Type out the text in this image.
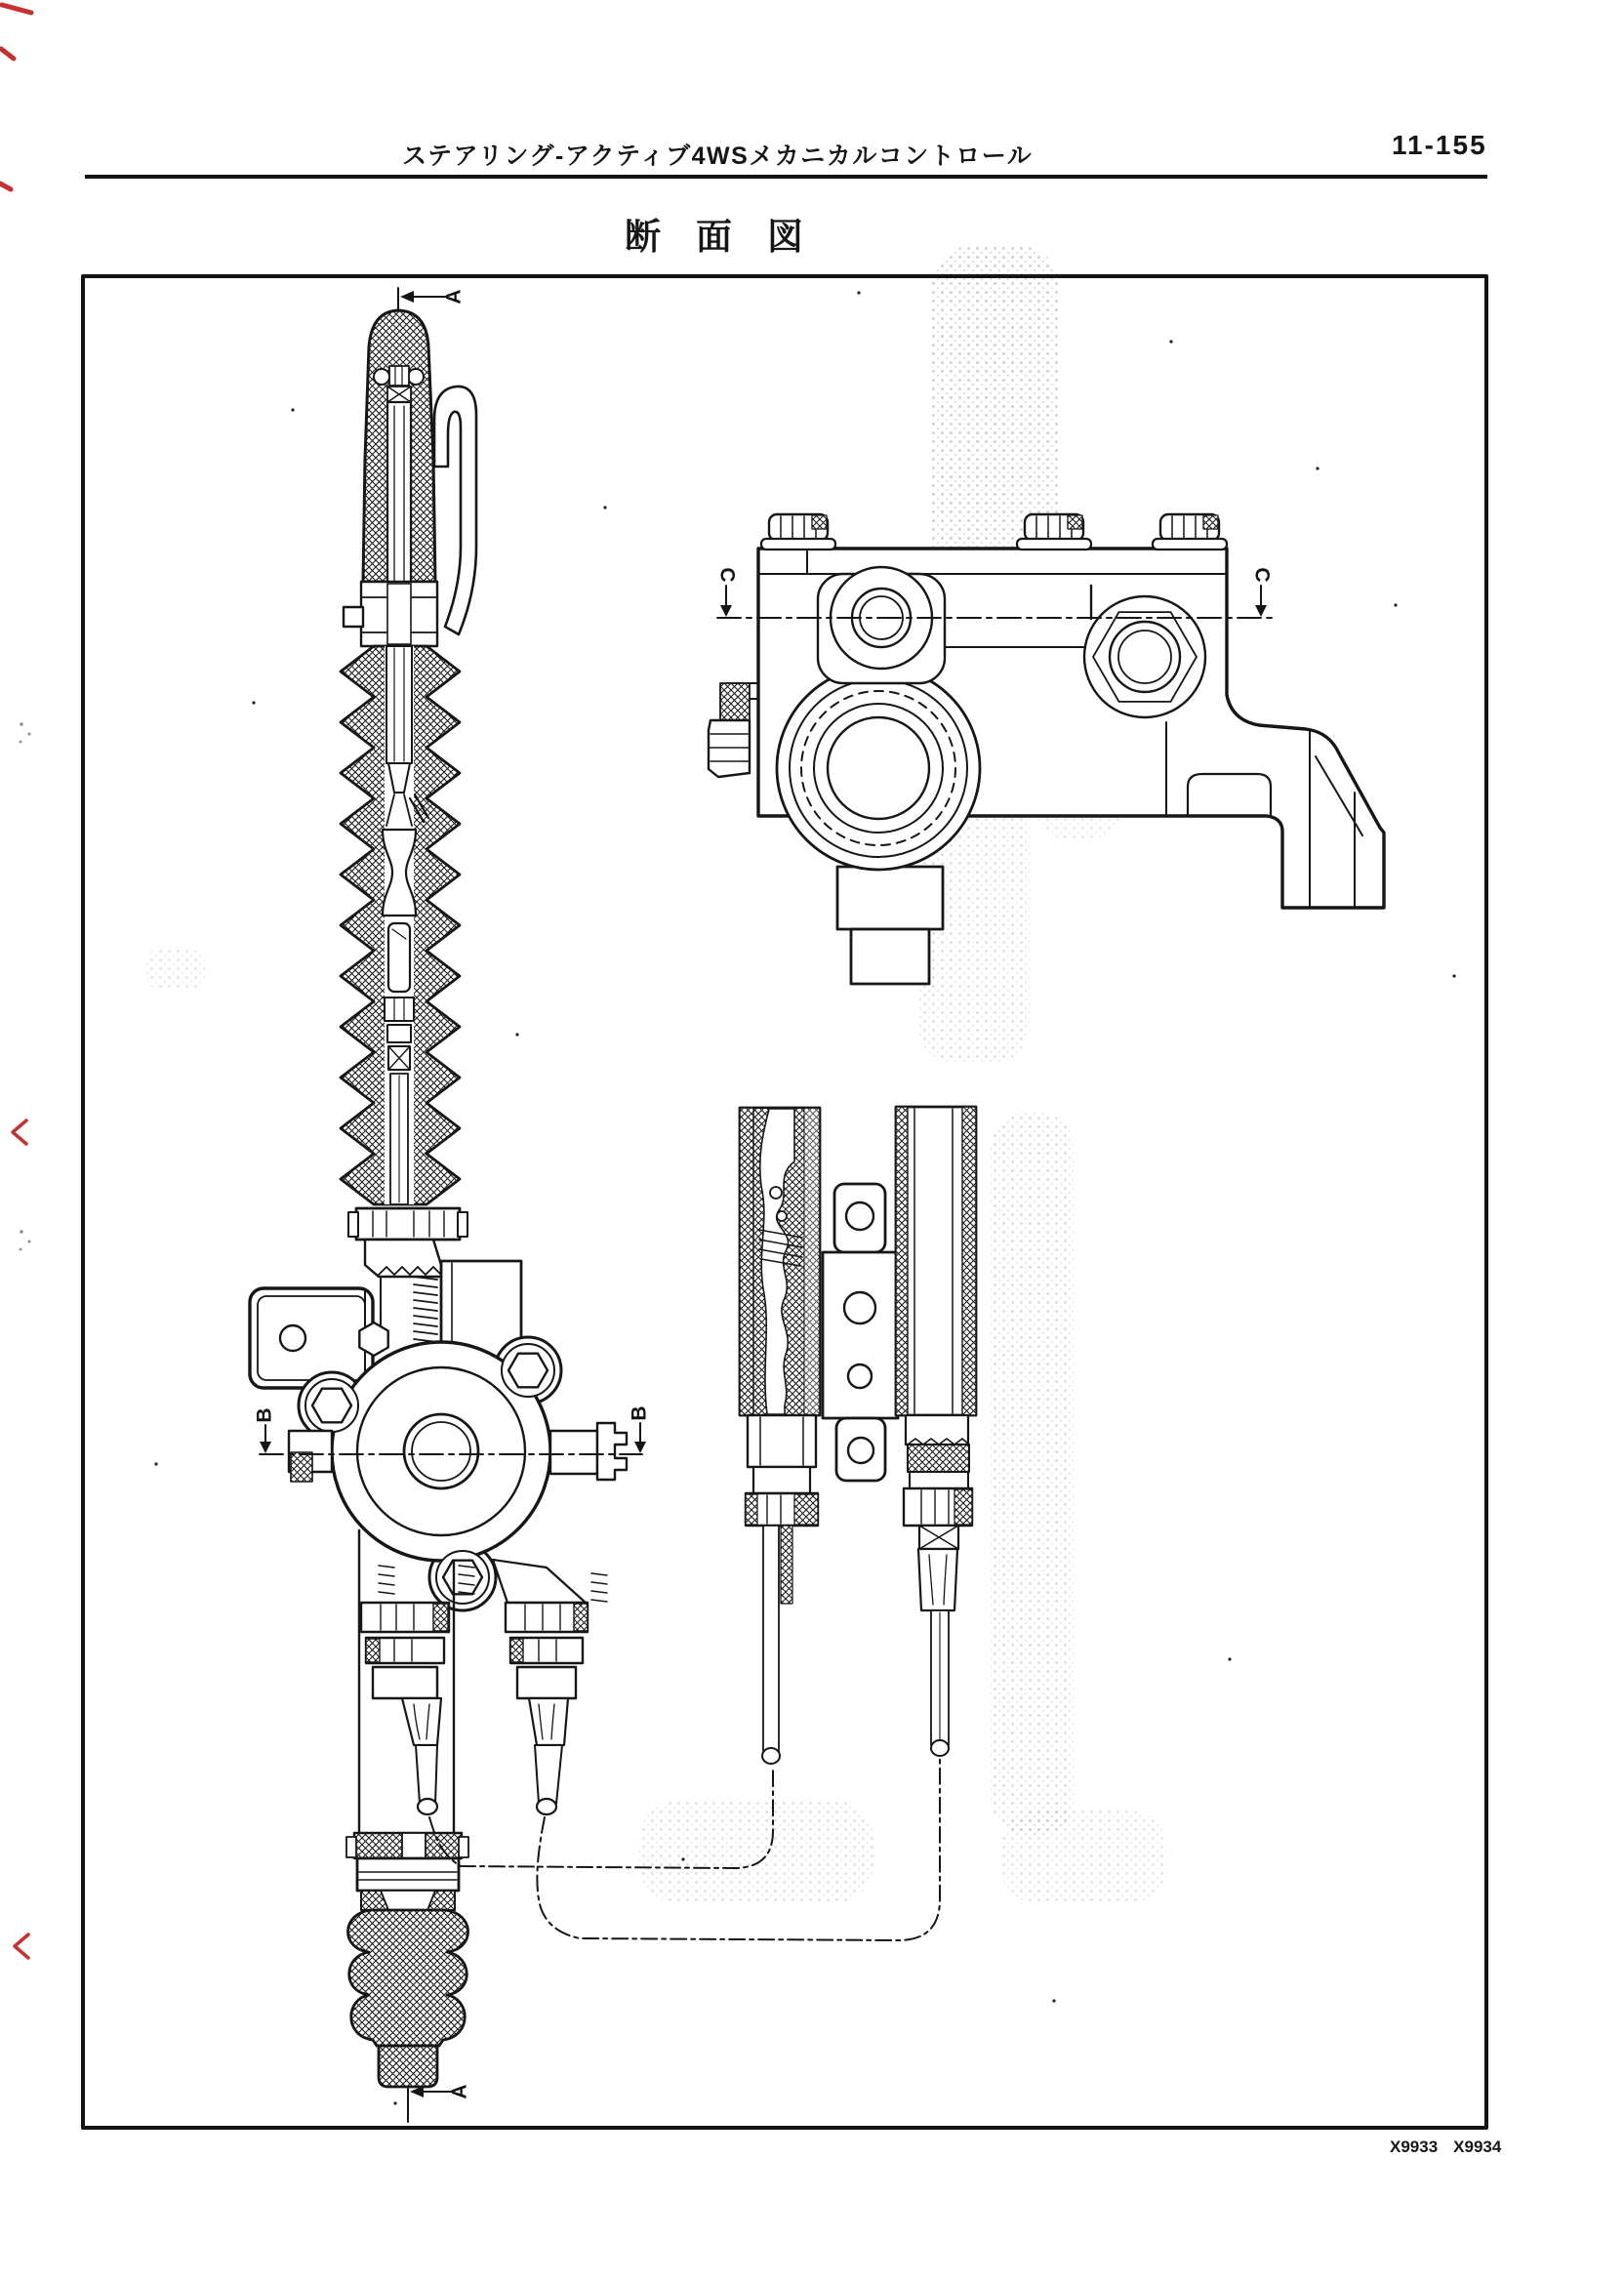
ステアリング-アクティブ4WSメカニカルコントロール	11-155
断面図
X9933 X9934
A
B	B
A
C	C
